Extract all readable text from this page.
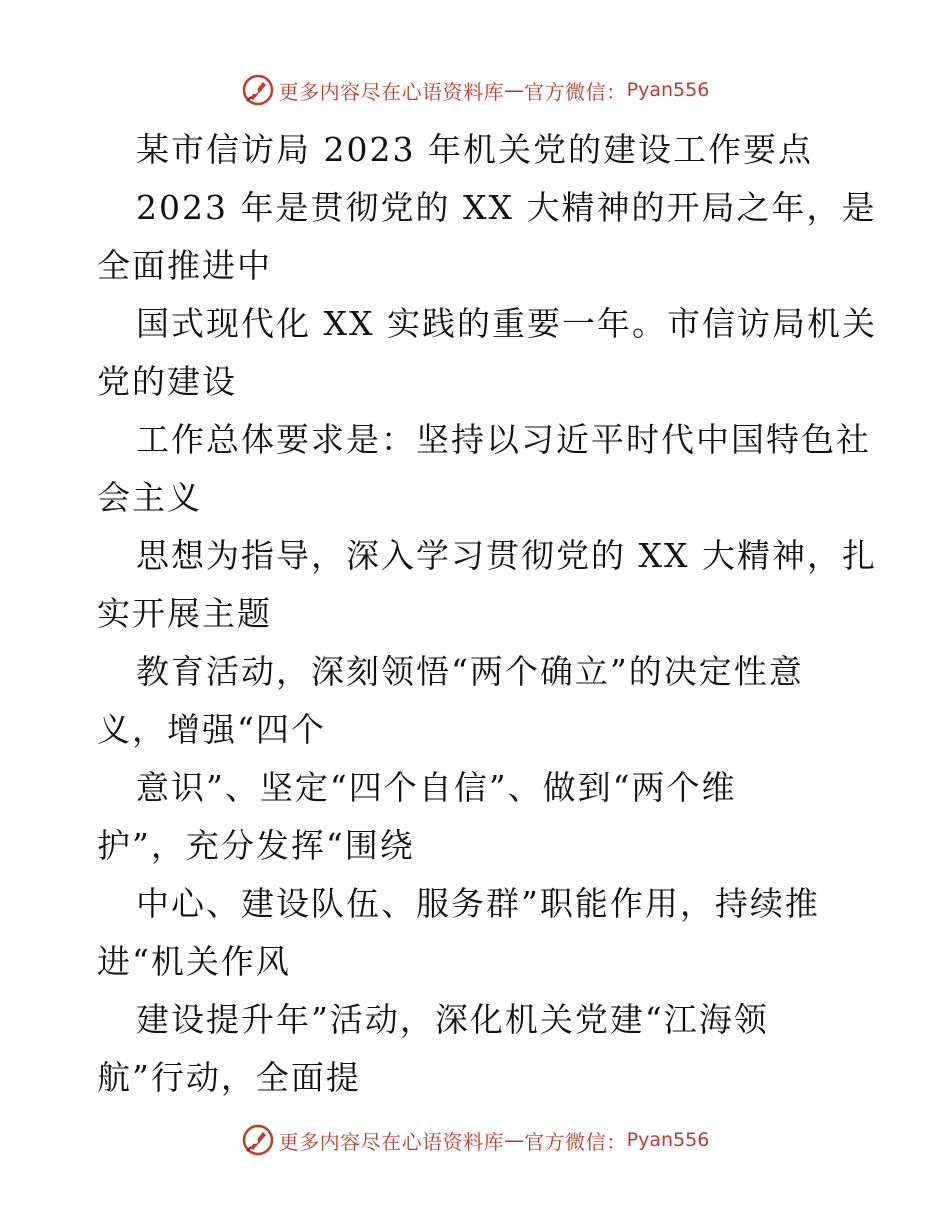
更多内容尽在心语资料库 — 官方微信： Pyan556
某市信访局 2023 年机关党的建设工作要点
2023 年是贯彻党的 XX 大精神的开局之年，是
全面推进中
国式现代化 XX 实践的重要一年。市信访局机关
党的建设
工作总体要求是：坚持以习近平时代中国特色社
会主义
思想为指导，深入学习贯彻党的 XX 大精神，扎
实开展主题
教育活动，深刻领悟“两个确立”的决定性意
义，增强“四个
意识”、坚定“四个自信”、做到“两个维
护”，充分发挥“围绕
中心、建设队伍、服务群”职能作用，持续推
进“机关作风
建设提升年”活动，深化机关党建“江海领
航”行动，全面提
更多内容尽在心语资料库 — 官方微信： Pyan556
